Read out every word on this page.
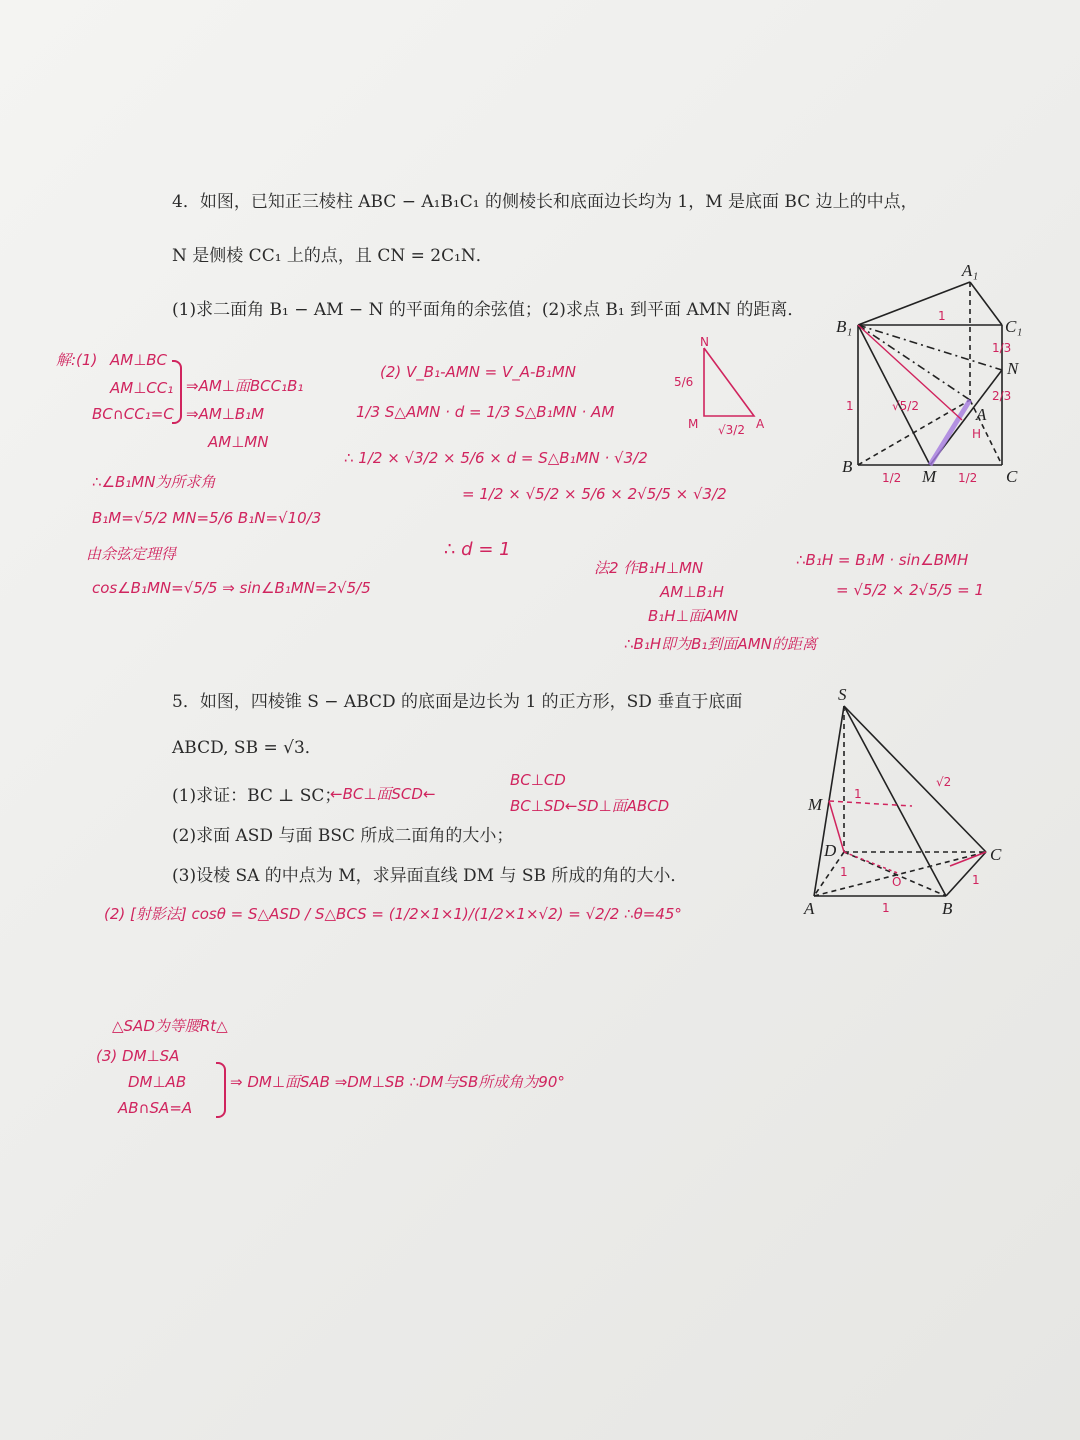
4．如图，已知正三棱柱 ABC − A₁B₁C₁ 的侧棱长和底面边长均为 1，M 是底面 BC 边上的中点，
N 是侧棱 CC₁ 上的点，且 CN = 2C₁N．
(1)求二面角 B₁ − AM − N 的平面角的余弦值；(2)求点 B₁ 到平面 AMN 的距离．
A₁
B₁	C₁
N
A
B
M	C
H
1
1	√5/2
1/3
2/3
1/2	1/2
解:(1) AM⊥BC
AM⊥CC₁
BC∩CC₁=C
⇒AM⊥面BCC₁B₁
⇒AM⊥B₁M
AM⊥MN
∴∠B₁MN为所求角
B₁M=√5/2 MN=5/6 B₁N=√10/3
由余弦定理得
cos∠B₁MN=√5/5 ⇒ sin∠B₁MN=2√5/5
(2) V_B₁-AMN = V_A-B₁MN
1/3 S△AMN · d = 1/3 S△B₁MN · AM
∴ 1/2 × √3/2 × 5/6 × d = S△B₁MN · √3/2
= 1/2 × √5/2 × 5/6 × 2√5/5 × √3/2
∴ d = 1
N
M	A
5/6
√3/2
法2 作B₁H⊥MN
AM⊥B₁H
B₁H⊥面AMN
∴B₁H即为B₁到面AMN的距离
∴B₁H = B₁M · sin∠BMH
= √5/2 × 2√5/5 = 1
5．如图，四棱锥 S − ABCD 的底面是边长为 1 的正方形，SD 垂直于底面
ABCD, SB = √3．
(1)求证：BC ⊥ SC；
(2)求面 ASD 与面 BSC 所成二面角的大小；
(3)设棱 SA 的中点为 M，求异面直线 DM 与 SB 所成的角的大小．
←BC⊥面SCD←
BC⊥CD
BC⊥SD←SD⊥面ABCD
(2) [射影法] cosθ = S△ASD / S△BCS = (1/2×1×1)/(1/2×1×√2) = √2/2 ∴θ=45°
△SAD为等腰Rt△
(3) DM⊥SA
DM⊥AB
AB∩SA=A
⇒ DM⊥面SAB ⇒DM⊥SB ∴DM与SB所成角为90°
S
M
D	C
A	B
O
√2
1
1
1
1
